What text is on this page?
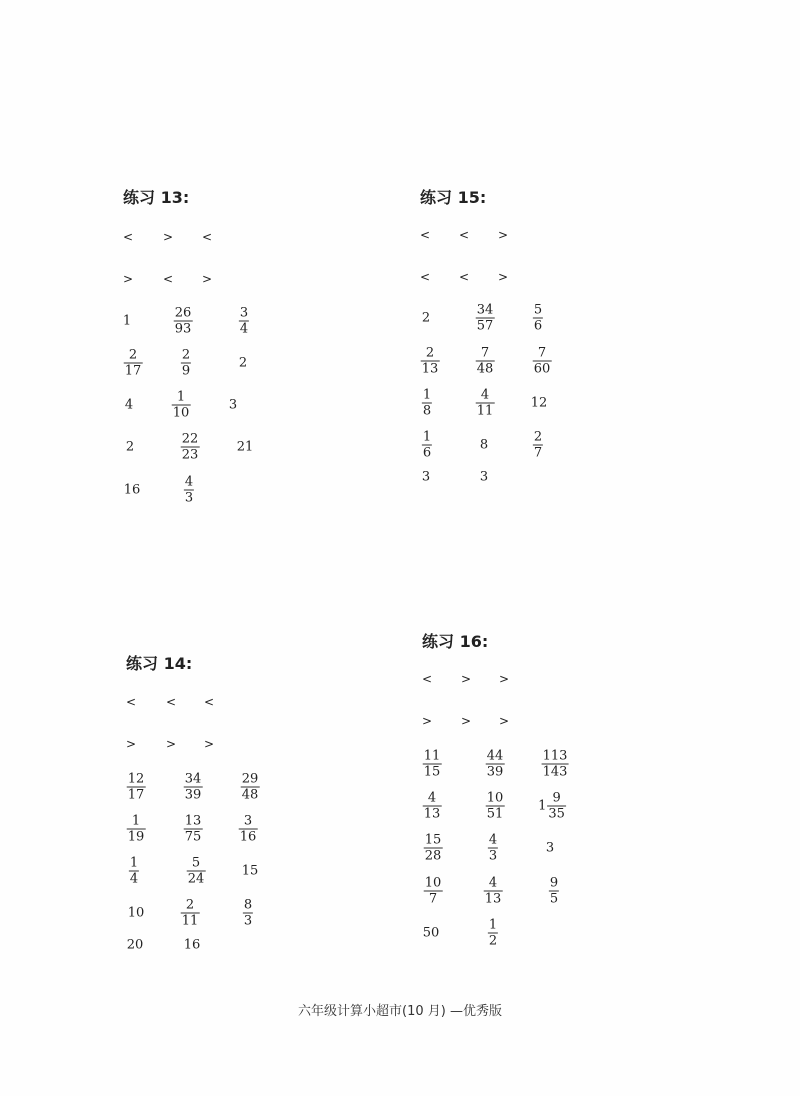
练习 13:
< > <
> < >
1	$\frac{26}{93}$	$\frac{3}{4}$
$\frac{2}{17}$	$\frac{2}{9}$	2
4	$\frac{1}{10}$	3
2	$\frac{22}{23}$	21
16	$\frac{4}{3}$
练习 15:
< < >
< < >
2	$\frac{34}{57}$	$\frac{5}{6}$
$\frac{2}{13}$	$\frac{7}{48}$	$\frac{7}{60}$
$\frac{1}{8}$	$\frac{4}{11}$	12
$\frac{1}{6}$	8	$\frac{2}{7}$
3	3
练习 14:
< < <
> > >
$\frac{12}{17}$	$\frac{34}{39}$	$\frac{29}{48}$
$\frac{1}{19}$	$\frac{13}{75}$	$\frac{3}{16}$
$\frac{1}{4}$	$\frac{5}{24}$	15
10	$\frac{2}{11}$	$\frac{8}{3}$
20	16
练习 16:
< > >
> > >
$\frac{11}{15}$	$\frac{44}{39}$	$\frac{113}{143}$
$\frac{4}{13}$	$\frac{10}{51}$	$1 \frac{9}{35}$
$\frac{15}{28}$	$\frac{4}{3}$	3
$\frac{10}{7}$	$\frac{4}{13}$	$\frac{9}{5}$
50	$\frac{1}{2}$
六年级计算小超市(10 月) —优秀版
